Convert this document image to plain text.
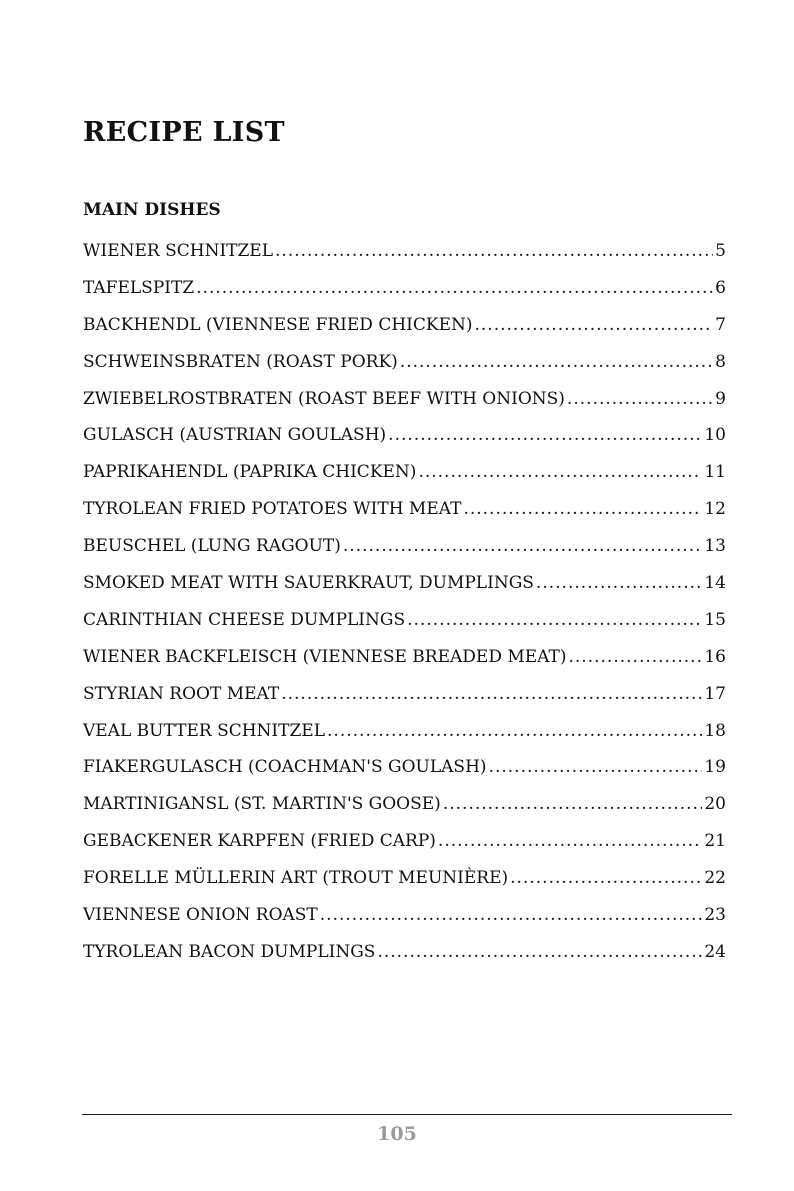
RECIPE LIST
MAIN DISHES
WIENER SCHNITZEL .....	5
TAFELSPITZ .....	6
BACKHENDL (VIENNESE FRIED CHICKEN) .....	7
SCHWEINSBRATEN (ROAST PORK) .....	8
ZWIEBELROSTBRATEN (ROAST BEEF WITH ONIONS) .....	9
GULASCH (AUSTRIAN GOULASH) .....	10
PAPRIKAHENDL (PAPRIKA CHICKEN) .....	11
TYROLEAN FRIED POTATOES WITH MEAT .....	12
BEUSCHEL (LUNG RAGOUT) .....	13
SMOKED MEAT WITH SAUERKRAUT, DUMPLINGS .....	14
CARINTHIAN CHEESE DUMPLINGS .....	15
WIENER BACKFLEISCH (VIENNESE BREADED MEAT) .....	16
STYRIAN ROOT MEAT .....	17
VEAL BUTTER SCHNITZEL .....	18
FIAKERGULASCH (COACHMAN'S GOULASH) .....	19
MARTINIGANSL (ST. MARTIN'S GOOSE) .....	20
GEBACKENER KARPFEN (FRIED CARP) .....	21
FORELLE MÜLLERIN ART (TROUT MEUNIÈRE) .....	22
VIENNESE ONION ROAST .....	23
TYROLEAN BACON DUMPLINGS .....	24
105
